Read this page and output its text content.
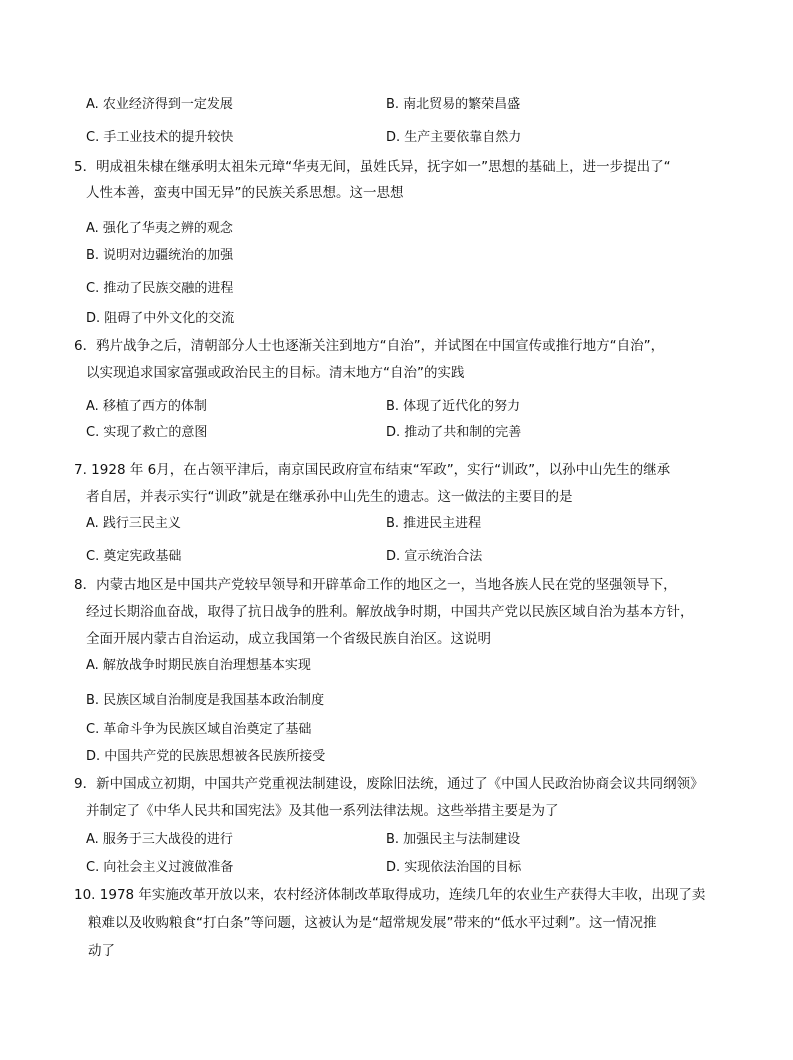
A. 农业经济得到一定发展	B. 南北贸易的繁荣昌盛
C. 手工业技术的提升较快	D. 生产主要依靠自然力
5．明成祖朱棣在继承明太祖朱元璋“华夷无间，虽姓氏异，抚字如一”思想的基础上，进一步提出了“
人性本善，蛮夷中国无异”的民族关系思想。这一思想
A. 强化了华夷之辨的观念
B. 说明对边疆统治的加强
C. 推动了民族交融的进程
D. 阻碍了中外文化的交流
6．鸦片战争之后，清朝部分人士也逐渐关注到地方“自治”，并试图在中国宣传或推行地方“自治”，
以实现追求国家富强或政治民主的目标。清末地方“自治”的实践
A. 移植了西方的体制	B. 体现了近代化的努力
C. 实现了救亡的意图	D. 推动了共和制的完善
7. 1928 年 6月，在占领平津后，南京国民政府宣布结束“军政”，实行“训政”，以孙中山先生的继承
者自居，并表示实行“训政”就是在继承孙中山先生的遗志。这一做法的主要目的是
A. 践行三民主义	B. 推进民主进程
C. 奠定宪政基础	D. 宣示统治合法
8．内蒙古地区是中国共产党较早领导和开辟革命工作的地区之一，当地各族人民在党的坚强领导下，
经过长期浴血奋战，取得了抗日战争的胜利。解放战争时期，中国共产党以民族区域自治为基本方针，
全面开展内蒙古自治运动，成立我国第一个省级民族自治区。这说明
A. 解放战争时期民族自治理想基本实现
B. 民族区域自治制度是我国基本政治制度
C. 革命斗争为民族区域自治奠定了基础
D. 中国共产党的民族思想被各民族所接受
9．新中国成立初期，中国共产党重视法制建设，废除旧法统，通过了《中国人民政治协商会议共同纲领》
并制定了《中华人民共和国宪法》及其他一系列法律法规。这些举措主要是为了
A. 服务于三大战役的进行	B. 加强民主与法制建设
C. 向社会主义过渡做准备	D. 实现依法治国的目标
10. 1978 年实施改革开放以来，农村经济体制改革取得成功，连续几年的农业生产获得大丰收，出现了卖
粮难以及收购粮食“打白条”等问题，这被认为是“超常规发展”带来的“低水平过剩”。这一情况推
动了
